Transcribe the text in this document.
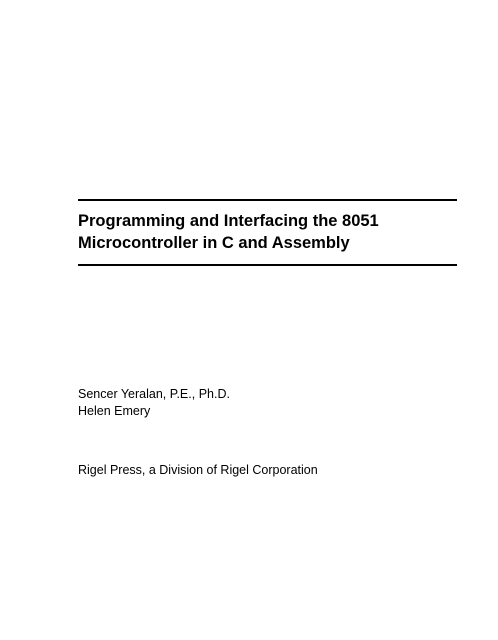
Programming and Interfacing the 8051
Microcontroller in C and Assembly
Sencer Yeralan, P.E., Ph.D.
Helen Emery
Rigel Press, a Division of Rigel Corporation
